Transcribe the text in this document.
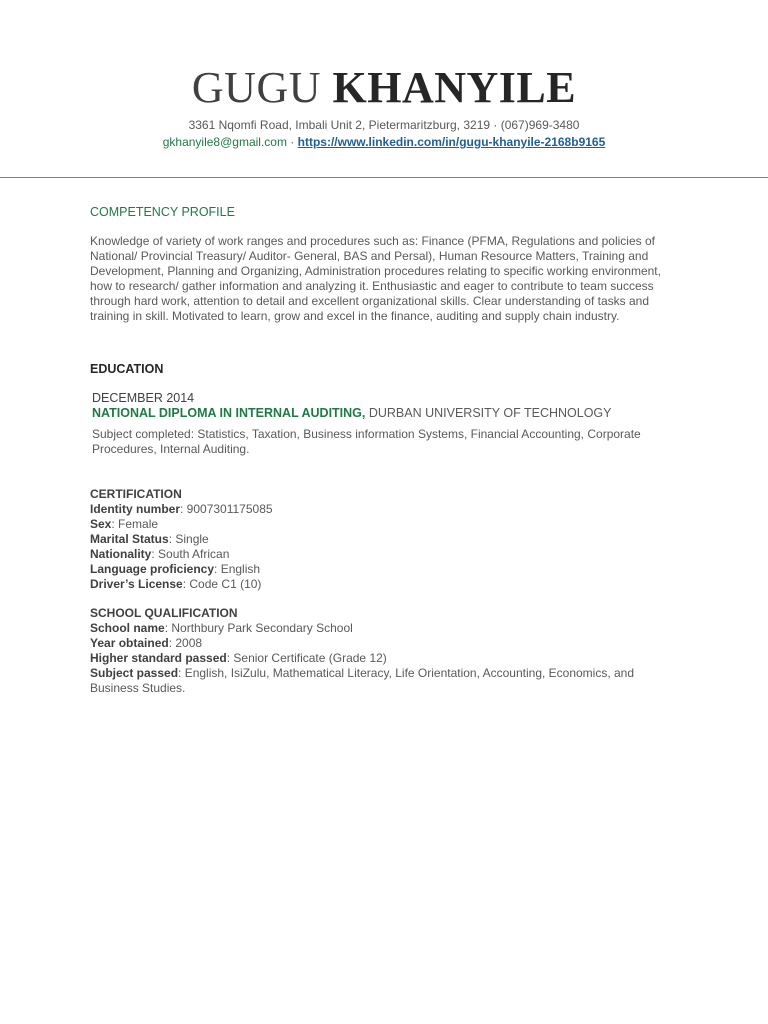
GUGU KHANYILE
3361 Nqomfi Road, Imbali Unit 2, Pietermaritzburg, 3219 · (067)969-3480
gkhanyile8@gmail.com · https://www.linkedin.com/in/gugu-khanyile-2168b9165
COMPETENCY PROFILE

Knowledge of variety of work ranges and procedures such as: Finance (PFMA, Regulations and policies of National/ Provincial Treasury/ Auditor- General, BAS and Persal), Human Resource Matters, Training and Development, Planning and Organizing, Administration procedures relating to specific working environment, how to research/ gather information and analyzing it. Enthusiastic and eager to contribute to team success through hard work, attention to detail and excellent organizational skills. Clear understanding of tasks and training in skill. Motivated to learn, grow and excel in the finance, auditing and supply chain industry.

EDUCATION
DECEMBER 2014
NATIONAL DIPLOMA IN INTERNAL AUDITING, DURBAN UNIVERSITY OF TECHNOLOGY
Subject completed: Statistics, Taxation, Business information Systems, Financial Accounting, Corporate Procedures, Internal Auditing.
CERTIFICATION
Identity number: 9007301175085
Sex: Female
Marital Status: Single
Nationality: South African
Language proficiency: English
Driver’s License: Code C1 (10)
SCHOOL QUALIFICATION
School name: Northbury Park Secondary School
Year obtained: 2008
Higher standard passed: Senior Certificate (Grade 12)
Subject passed: English, IsiZulu, Mathematical Literacy, Life Orientation, Accounting, Economics, and Business Studies.
